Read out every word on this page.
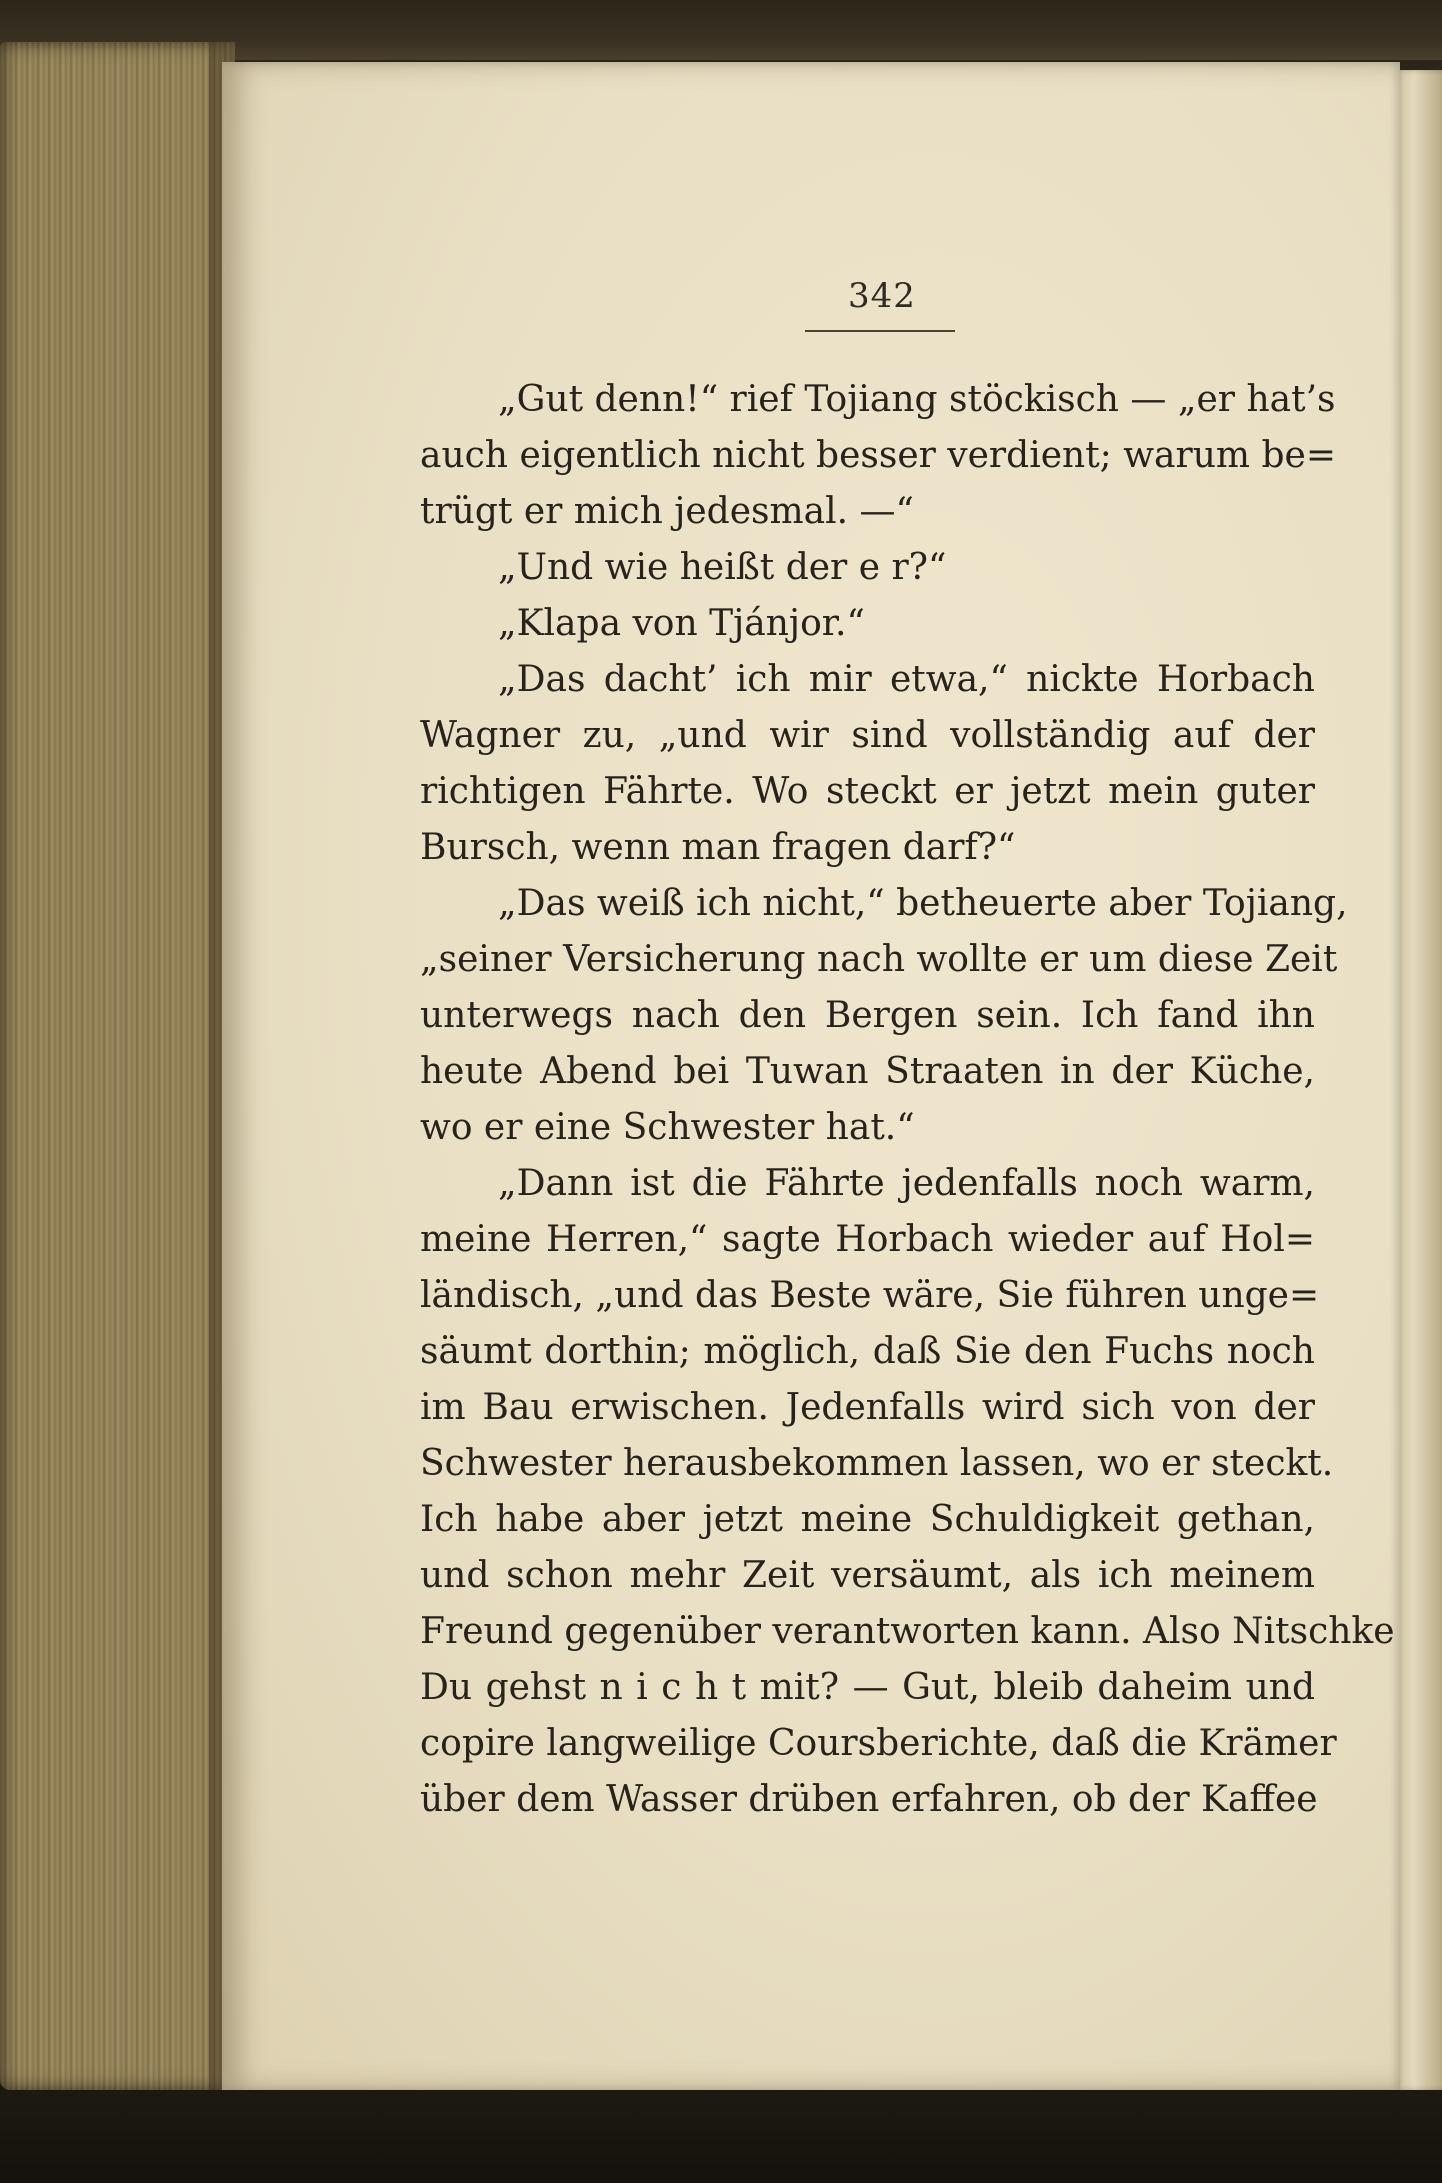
342
„Gut denn!“ rief Tojiang stöckisch — „er hat’s
auch eigentlich nicht besser verdient; warum be=
trügt er mich jedesmal. —“
„Und wie heißt der e r?“
„Klapa von Tjánjor.“
„Das dacht’ ich mir etwa,“ nickte Horbach
Wagner zu, „und wir sind vollständig auf der
richtigen Fährte. Wo steckt er jetzt mein guter
Bursch, wenn man fragen darf?“
„Das weiß ich nicht,“ betheuerte aber Tojiang,
„seiner Versicherung nach wollte er um diese Zeit
unterwegs nach den Bergen sein. Ich fand ihn
heute Abend bei Tuwan Straaten in der Küche,
wo er eine Schwester hat.“
„Dann ist die Fährte jedenfalls noch warm,
meine Herren,“ sagte Horbach wieder auf Hol=
ländisch, „und das Beste wäre, Sie führen unge=
säumt dorthin; möglich, daß Sie den Fuchs noch
im Bau erwischen. Jedenfalls wird sich von der
Schwester herausbekommen lassen, wo er steckt.
Ich habe aber jetzt meine Schuldigkeit gethan,
und schon mehr Zeit versäumt, als ich meinem
Freund gegenüber verantworten kann. Also Nitschke
Du gehst n i c h t mit? — Gut, bleib daheim und
copire langweilige Coursberichte, daß die Krämer
über dem Wasser drüben erfahren, ob der Kaffee
